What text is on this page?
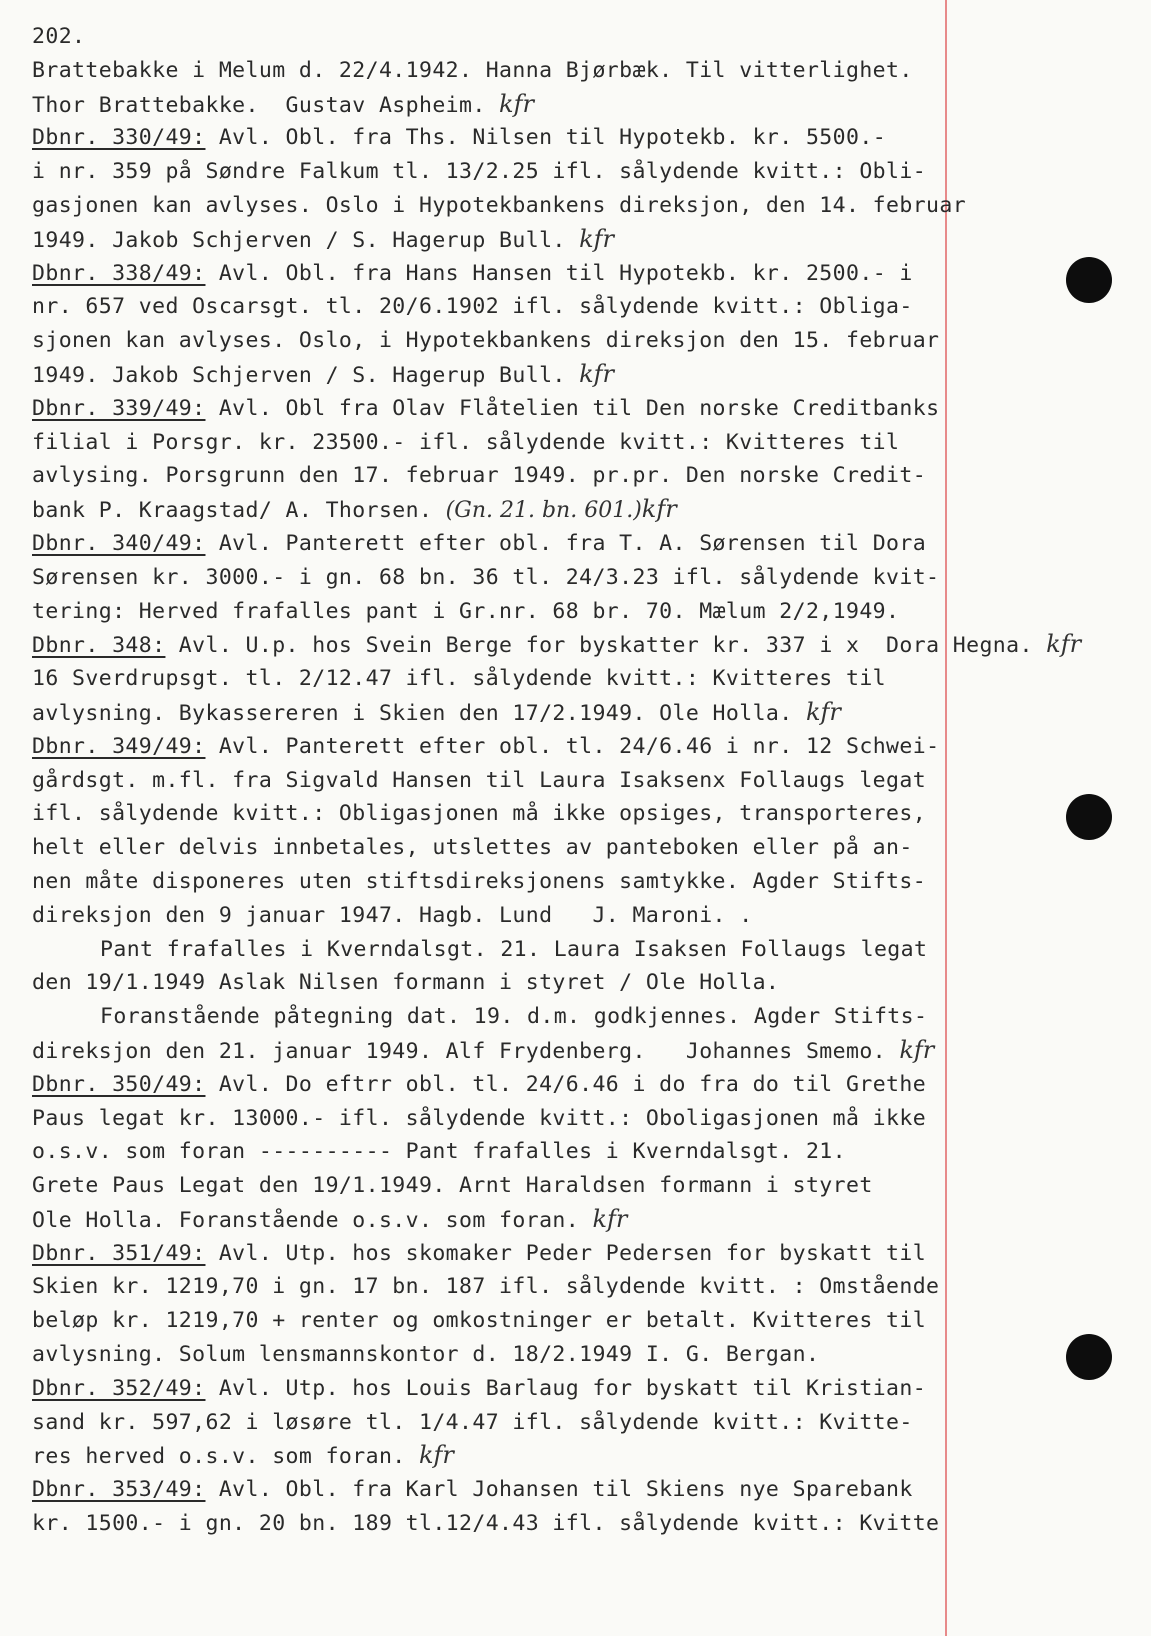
202.
Brattebakke i Melum d. 22/4.1942. Hanna Bjørbæk. Til vitterlighet.
Thor Brattebakke.  Gustav Aspheim. kfr
Dbnr. 330/49: Avl. Obl. fra Ths. Nilsen til Hypotekb. kr. 5500.-
i nr. 359 på Søndre Falkum tl. 13/2.25 ifl. sålydende kvitt.: Obli-
gasjonen kan avlyses. Oslo i Hypotekbankens direksjon, den 14. februar
1949. Jakob Schjerven / S. Hagerup Bull. kfr
Dbnr. 338/49: Avl. Obl. fra Hans Hansen til Hypotekb. kr. 2500.- i
nr. 657 ved Oscarsgt. tl. 20/6.1902 ifl. sålydende kvitt.: Obliga-
sjonen kan avlyses. Oslo, i Hypotekbankens direksjon den 15. februar
1949. Jakob Schjerven / S. Hagerup Bull. kfr
Dbnr. 339/49: Avl. Obl fra Olav Flåtelien til Den norske Creditbanks
filial i Porsgr. kr. 23500.- ifl. sålydende kvitt.: Kvitteres til
avlysing. Porsgrunn den 17. februar 1949. pr.pr. Den norske Credit-
bank P. Kraagstad/ A. Thorsen. (Gn. 21. bn. 601.)kfr
Dbnr. 340/49: Avl. Panterett efter obl. fra T. A. Sørensen til Dora
Sørensen kr. 3000.- i gn. 68 bn. 36 tl. 24/3.23 ifl. sålydende kvit-
tering: Herved frafalles pant i Gr.nr. 68 br. 70. Mælum 2/2,1949.
Dbnr. 348: Avl. U.p. hos Svein Berge for byskatter kr. 337 i x  Dora Hegna. kfr
16 Sverdrupsgt. tl. 2/12.47 ifl. sålydende kvitt.: Kvitteres til
avlysning. Bykassereren i Skien den 17/2.1949. Ole Holla. kfr
Dbnr. 349/49: Avl. Panterett efter obl. tl. 24/6.46 i nr. 12 Schwei-
gårdsgt. m.fl. fra Sigvald Hansen til Laura Isaksenx Follaugs legat
ifl. sålydende kvitt.: Obligasjonen må ikke opsiges, transporteres,
helt eller delvis innbetales, utslettes av panteboken eller på an-
nen måte disponeres uten stiftsdireksjonens samtykke. Agder Stifts-
direksjon den 9 januar 1947. Hagb. Lund   J. Maroni. .
Pant frafalles i Kverndalsgt. 21. Laura Isaksen Follaugs legat
den 19/1.1949 Aslak Nilsen formann i styret / Ole Holla.
Foranstående påtegning dat. 19. d.m. godkjennes. Agder Stifts-
direksjon den 21. januar 1949. Alf Frydenberg.   Johannes Smemo. kfr
Dbnr. 350/49: Avl. Do eftrr obl. tl. 24/6.46 i do fra do til Grethe
Paus legat kr. 13000.- ifl. sålydende kvitt.: Oboligasjonen må ikke
o.s.v. som foran ---------- Pant frafalles i Kverndalsgt. 21.
Grete Paus Legat den 19/1.1949. Arnt Haraldsen formann i styret
Ole Holla. Foranstående o.s.v. som foran. kfr
Dbnr. 351/49: Avl. Utp. hos skomaker Peder Pedersen for byskatt til
Skien kr. 1219,70 i gn. 17 bn. 187 ifl. sålydende kvitt. : Omstående
beløp kr. 1219,70 + renter og omkostninger er betalt. Kvitteres til
avlysning. Solum lensmannskontor d. 18/2.1949 I. G. Bergan.
Dbnr. 352/49: Avl. Utp. hos Louis Barlaug for byskatt til Kristian-
sand kr. 597,62 i løsøre tl. 1/4.47 ifl. sålydende kvitt.: Kvitte-
res herved o.s.v. som foran. kfr
Dbnr. 353/49: Avl. Obl. fra Karl Johansen til Skiens nye Sparebank
kr. 1500.- i gn. 20 bn. 189 tl.12/4.43 ifl. sålydende kvitt.: Kvitte
